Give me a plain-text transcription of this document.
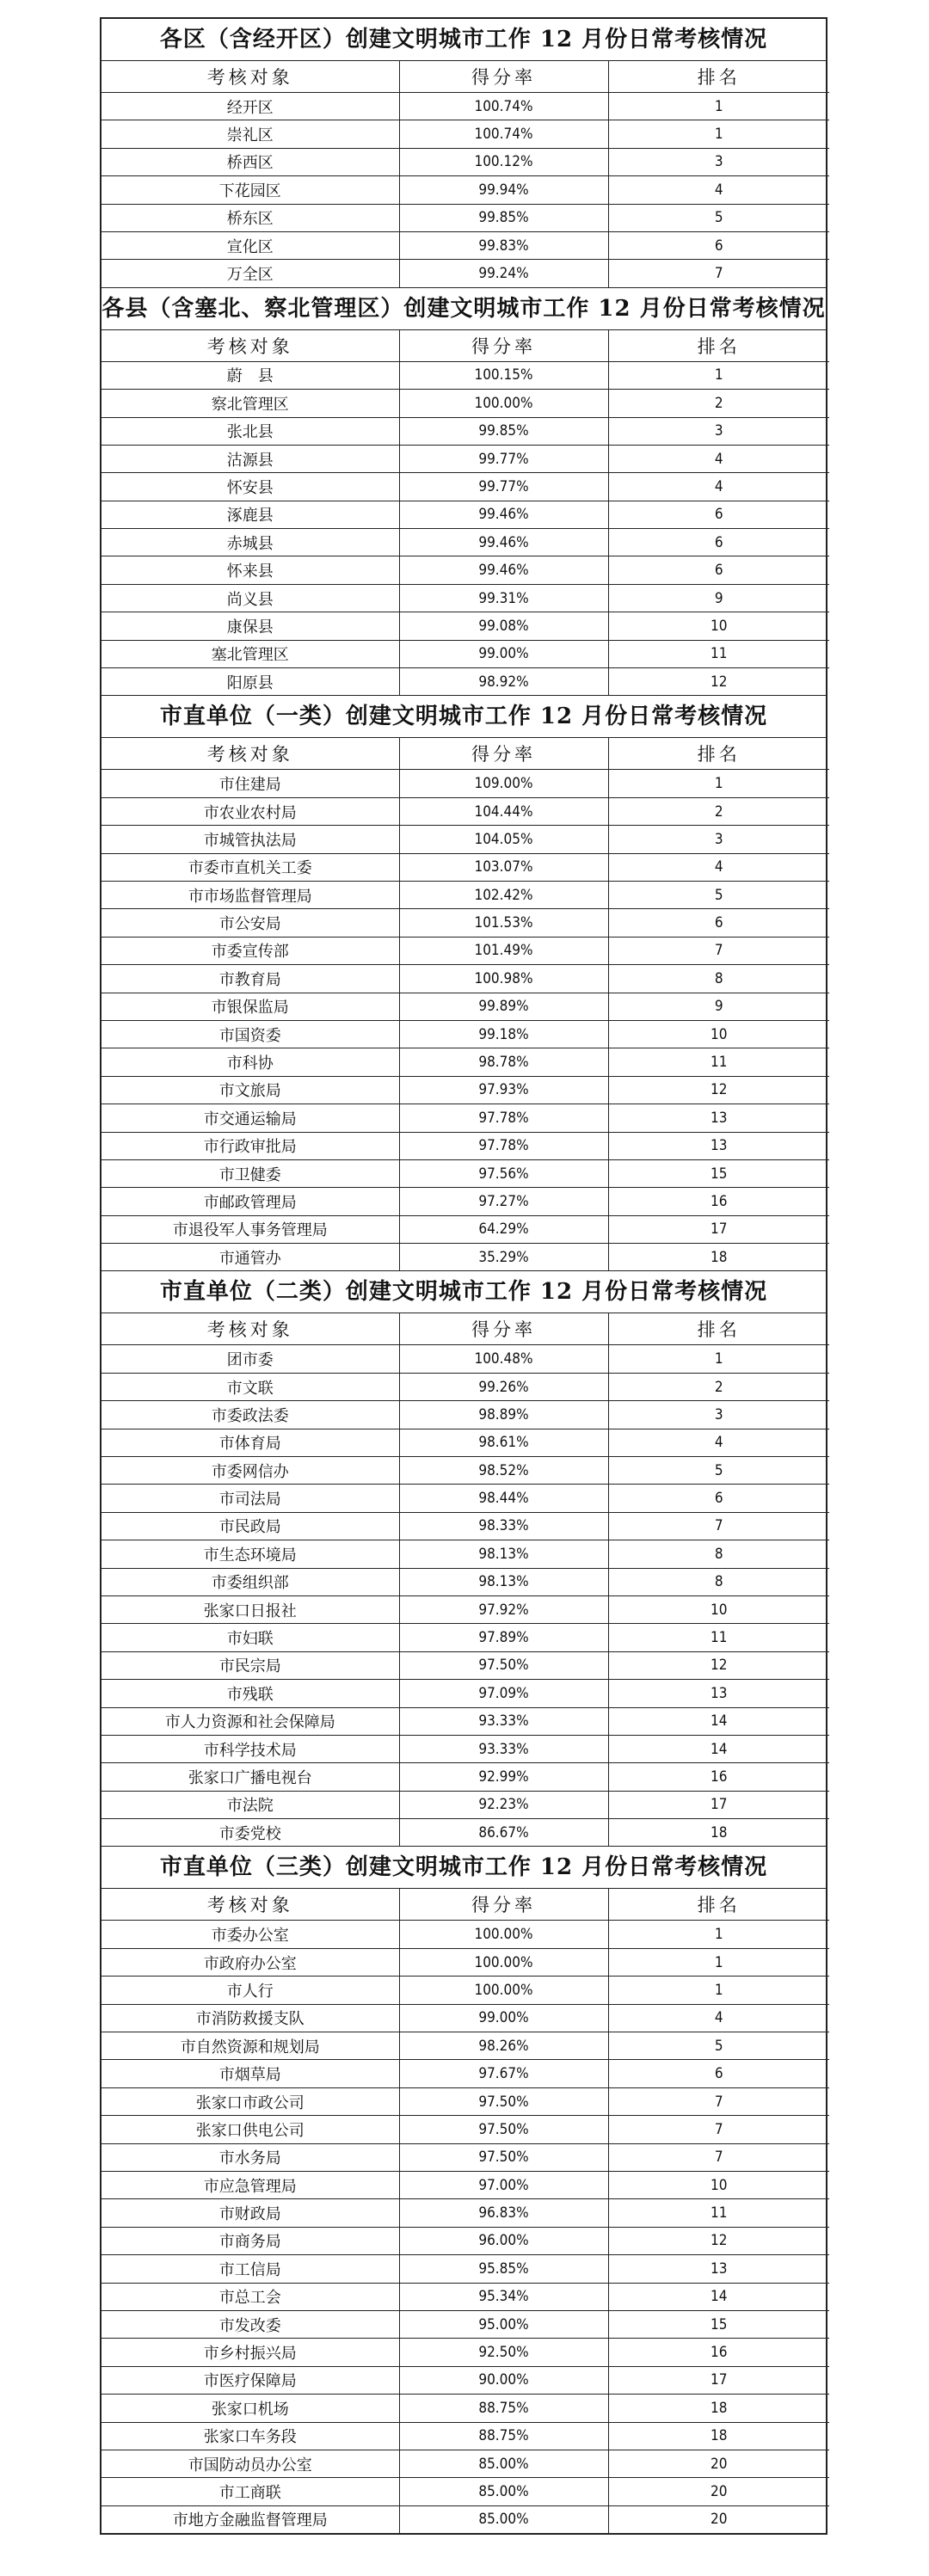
各区（含经开区）创建文明城市工作 12 月份日常考核情况
考核对象	得分率	排名
经开区	100.74%	1
崇礼区	100.74%	1
桥西区	100.12%	3
下花园区	99.94%	4
桥东区	99.85%	5
宣化区	99.83%	6
万全区	99.24%	7
各县（含塞北、察北管理区）创建文明城市工作 12 月份日常考核情况
考核对象	得分率	排名
蔚　县	100.15%	1
察北管理区	100.00%	2
张北县	99.85%	3
沽源县	99.77%	4
怀安县	99.77%	4
涿鹿县	99.46%	6
赤城县	99.46%	6
怀来县	99.46%	6
尚义县	99.31%	9
康保县	99.08%	10
塞北管理区	99.00%	11
阳原县	98.92%	12
市直单位（一类）创建文明城市工作 12 月份日常考核情况
考核对象	得分率	排名
市住建局	109.00%	1
市农业农村局	104.44%	2
市城管执法局	104.05%	3
市委市直机关工委	103.07%	4
市市场监督管理局	102.42%	5
市公安局	101.53%	6
市委宣传部	101.49%	7
市教育局	100.98%	8
市银保监局	99.89%	9
市国资委	99.18%	10
市科协	98.78%	11
市文旅局	97.93%	12
市交通运输局	97.78%	13
市行政审批局	97.78%	13
市卫健委	97.56%	15
市邮政管理局	97.27%	16
市退役军人事务管理局	64.29%	17
市通管办	35.29%	18
市直单位（二类）创建文明城市工作 12 月份日常考核情况
考核对象	得分率	排名
团市委	100.48%	1
市文联	99.26%	2
市委政法委	98.89%	3
市体育局	98.61%	4
市委网信办	98.52%	5
市司法局	98.44%	6
市民政局	98.33%	7
市生态环境局	98.13%	8
市委组织部	98.13%	8
张家口日报社	97.92%	10
市妇联	97.89%	11
市民宗局	97.50%	12
市残联	97.09%	13
市人力资源和社会保障局	93.33%	14
市科学技术局	93.33%	14
张家口广播电视台	92.99%	16
市法院	92.23%	17
市委党校	86.67%	18
市直单位（三类）创建文明城市工作 12 月份日常考核情况
考核对象	得分率	排名
市委办公室	100.00%	1
市政府办公室	100.00%	1
市人行	100.00%	1
市消防救援支队	99.00%	4
市自然资源和规划局	98.26%	5
市烟草局	97.67%	6
张家口市政公司	97.50%	7
张家口供电公司	97.50%	7
市水务局	97.50%	7
市应急管理局	97.00%	10
市财政局	96.83%	11
市商务局	96.00%	12
市工信局	95.85%	13
市总工会	95.34%	14
市发改委	95.00%	15
市乡村振兴局	92.50%	16
市医疗保障局	90.00%	17
张家口机场	88.75%	18
张家口车务段	88.75%	18
市国防动员办公室	85.00%	20
市工商联	85.00%	20
市地方金融监督管理局	85.00%	20
